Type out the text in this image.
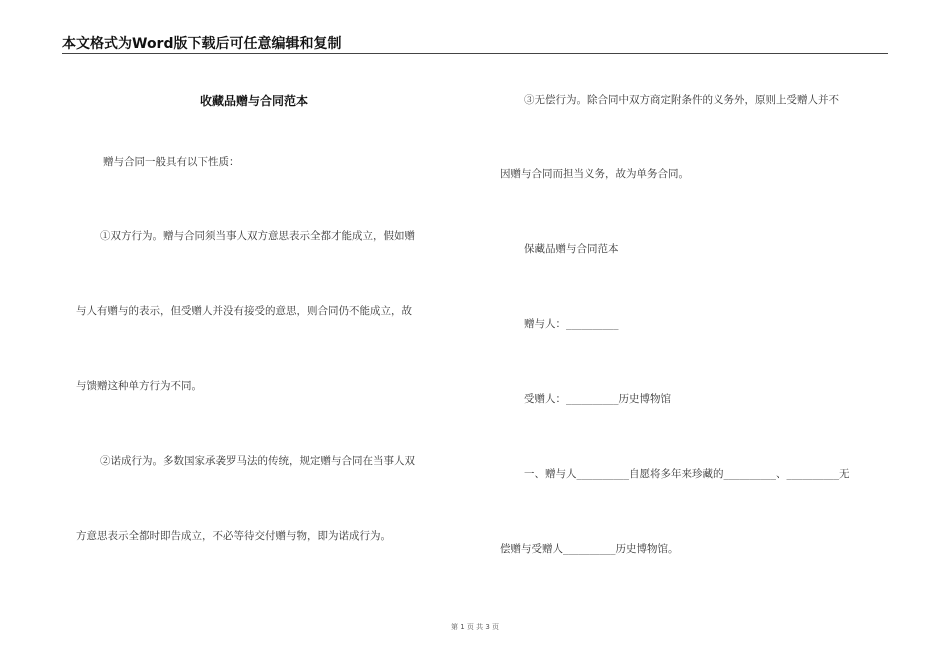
本文格式为Word版下载后可任意编辑和复制
收藏品赠与合同范本
赠与合同一般具有以下性质：
①双方行为。赠与合同须当事人双方意思表示全都才能成立，假如赠
与人有赠与的表示，但受赠人并没有接受的意思，则合同仍不能成立，故
与馈赠这种单方行为不同。
②诺成行为。多数国家承袭罗马法的传统，规定赠与合同在当事人双
方意思表示全都时即告成立，不必等待交付赠与物，即为诺成行为。
③无偿行为。除合同中双方商定附条件的义务外，原则上受赠人并不
因赠与合同而担当义务，故为单务合同。
保藏品赠与合同范本
赠与人：__________
受赠人：__________历史博物馆
一、赠与人__________自愿将多年来珍藏的__________、__________无
偿赠与受赠人__________历史博物馆。
第 1 页 共 3 页
